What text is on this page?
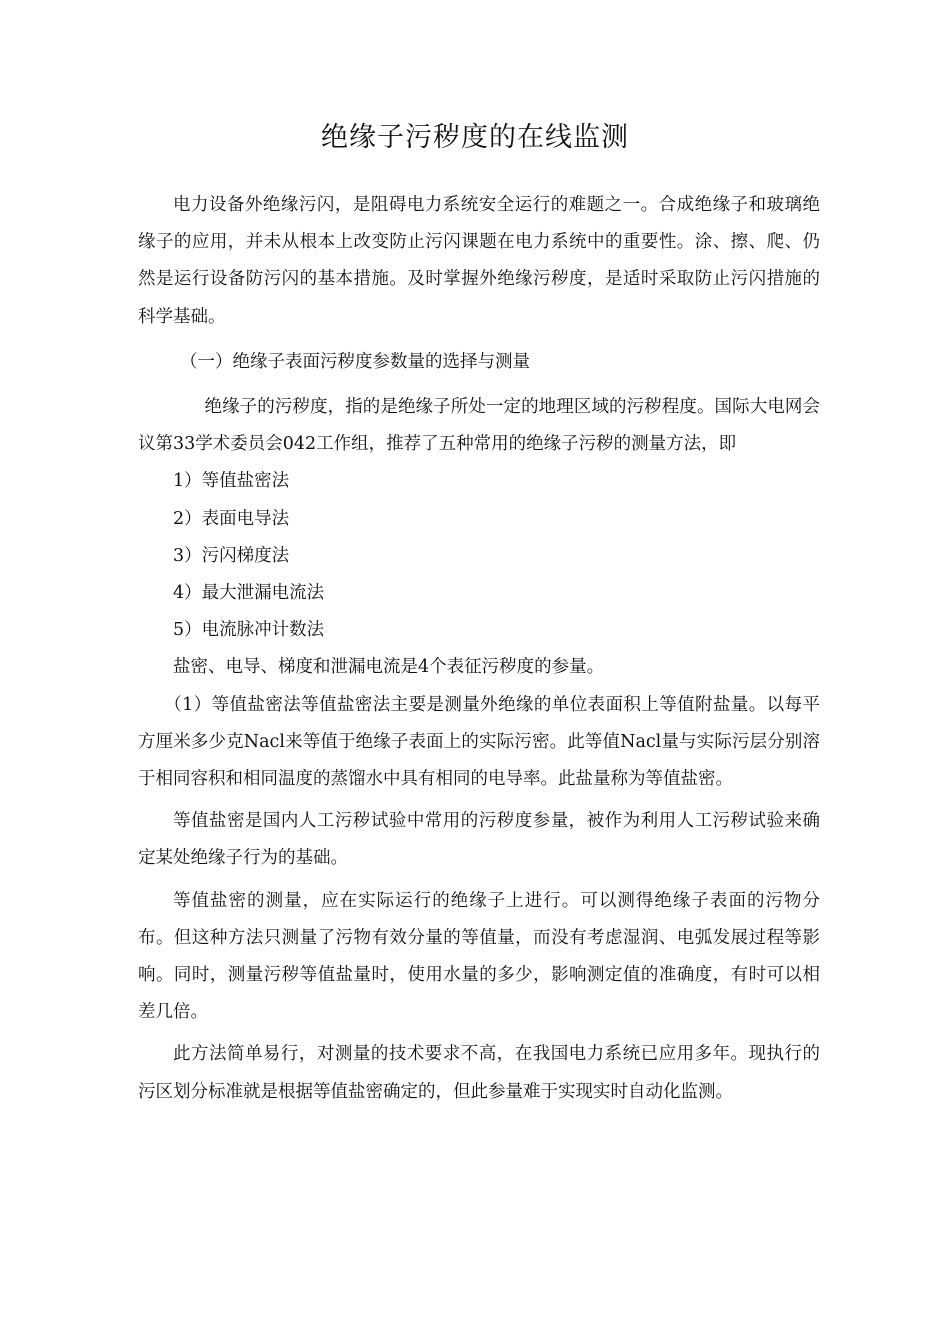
绝缘子污秽度的在线监测

电力设备外绝缘污闪，是阻碍电力系统安全运行的难题之一。合成绝缘子和玻璃绝缘子的应用，并未从根本上改变防止污闪课题在电力系统中的重要性。涂、擦、爬、仍然是运行设备防污闪的基本措施。及时掌握外绝缘污秽度，是适时采取防止污闪措施的科学基础。

（一）绝缘子表面污秽度参数量的选择与测量

绝缘子的污秽度，指的是绝缘子所处一定的地理区域的污秽程度。国际大电网会议第33学术委员会042工作组，推荐了五种常用的绝缘子污秽的测量方法，即

1）等值盐密法

2）表面电导法

3）污闪梯度法

4）最大泄漏电流法

5）电流脉冲计数法

盐密、电导、梯度和泄漏电流是4个表征污秽度的参量。

（1）等值盐密法等值盐密法主要是测量外绝缘的单位表面积上等值附盐量。以每平方厘米多少克Nacl来等值于绝缘子表面上的实际污密。此等值Nacl量与实际污层分别溶于相同容积和相同温度的蒸馏水中具有相同的电导率。此盐量称为等值盐密。

等值盐密是国内人工污秽试验中常用的污秽度参量，被作为利用人工污秽试验来确定某处绝缘子行为的基础。

等值盐密的测量，应在实际运行的绝缘子上进行。可以测得绝缘子表面的污物分布。但这种方法只测量了污物有效分量的等值量，而没有考虑湿润、电弧发展过程等影响。同时，测量污秽等值盐量时，使用水量的多少，影响测定值的准确度，有时可以相差几倍。

此方法简单易行，对测量的技术要求不高，在我国电力系统已应用多年。现执行的污区划分标准就是根据等值盐密确定的，但此参量难于实现实时自动化监测。
